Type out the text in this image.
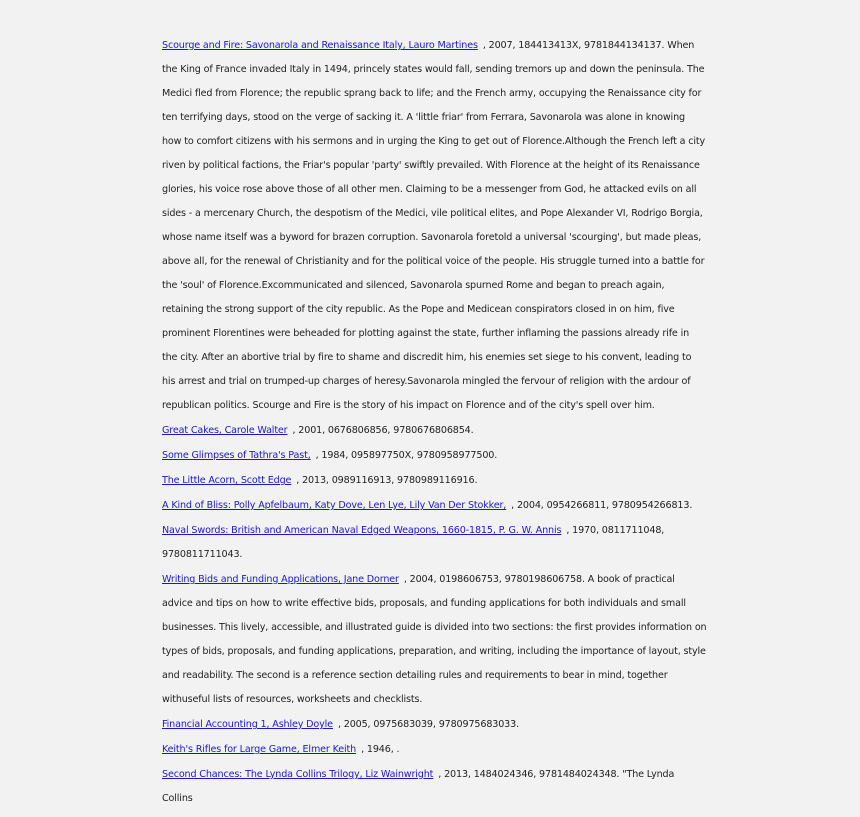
Scourge and Fire: Savonarola and Renaissance Italy, Lauro Martines , 2007, 184413413X, 9781844134137. When the King of France invaded Italy in 1494, princely states would fall, sending tremors up and down the peninsula. The Medici fled from Florence; the republic sprang back to life; and the French army, occupying the Renaissance city for ten terrifying days, stood on the verge of sacking it. A 'little friar' from Ferrara, Savonarola was alone in knowing how to comfort citizens with his sermons and in urging the King to get out of Florence.Although the French left a city riven by political factions, the Friar's popular 'party' swiftly prevailed. With Florence at the height of its Renaissance glories, his voice rose above those of all other men. Claiming to be a messenger from God, he attacked evils on all sides - a mercenary Church, the despotism of the Medici, vile political elites, and Pope Alexander VI, Rodrigo Borgia, whose name itself was a byword for brazen corruption. Savonarola foretold a universal 'scourging', but made pleas, above all, for the renewal of Christianity and for the political voice of the people. His struggle turned into a battle for the 'soul' of Florence.Excommunicated and silenced, Savonarola spurned Rome and began to preach again, retaining the strong support of the city republic. As the Pope and Medicean conspirators closed in on him, five prominent Florentines were beheaded for plotting against the state, further inflaming the passions already rife in the city. After an abortive trial by fire to shame and discredit him, his enemies set siege to his convent, leading to his arrest and trial on trumped-up charges of heresy.Savonarola mingled the fervour of religion with the ardour of republican politics. Scourge and Fire is the story of his impact on Florence and of the city's spell over him.

Great Cakes, Carole Walter , 2001, 0676806856, 9780676806854.

Some Glimpses of Tathra's Past, , 1984, 095897750X, 9780958977500.

The Little Acorn, Scott Edge , 2013, 0989116913, 9780989116916.

A Kind of Bliss: Polly Apfelbaum, Katy Dove, Len Lye, Lily Van Der Stokker, , 2004, 0954266811, 9780954266813.

Naval Swords: British and American Naval Edged Weapons, 1660-1815, P. G. W. Annis , 1970, 0811711048, 9780811711043.

Writing Bids and Funding Applications, Jane Dorner , 2004, 0198606753, 9780198606758. A book of practical advice and tips on how to write effective bids, proposals, and funding applications for both individuals and small businesses. This lively, accessible, and illustrated guide is divided into two sections: the first provides information on types of bids, proposals, and funding applications, preparation, and writing, including the importance of layout, style and readability. The second is a reference section detailing rules and requirements to bear in mind, together withuseful lists of resources, worksheets and checklists.

Financial Accounting 1, Ashley Doyle , 2005, 0975683039, 9780975683033.

Keith's Rifles for Large Game, Elmer Keith , 1946, .

Second Chances: The Lynda Collins Trilogy, Liz Wainwright , 2013, 1484024346, 9781484024348. "The Lynda Collins
